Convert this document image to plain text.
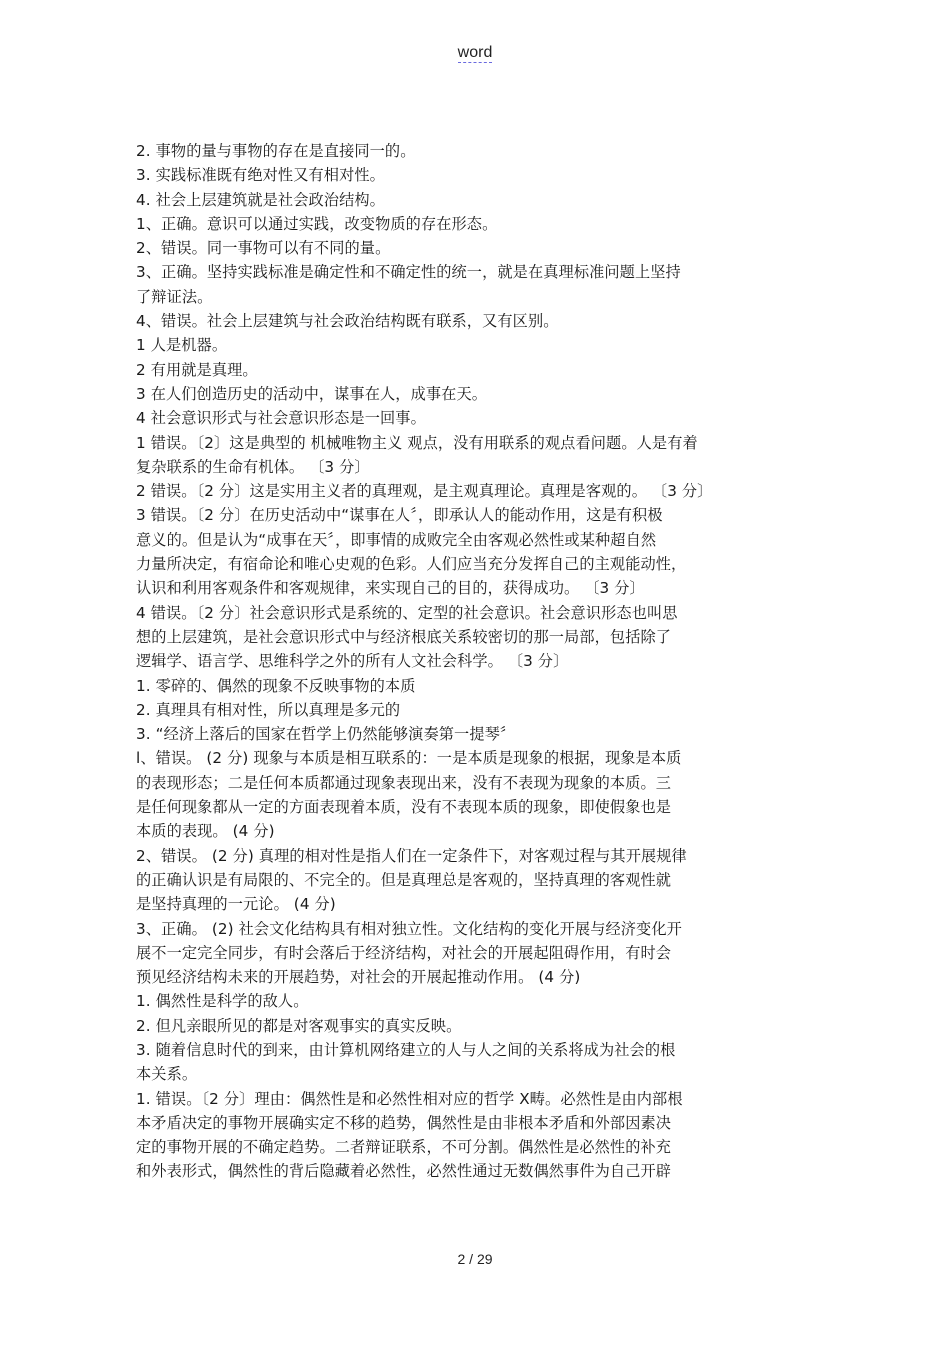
word
2. 事物的量与事物的存在是直接同一的。
3. 实践标准既有绝对性又有相对性。
4. 社会上层建筑就是社会政治结构。
1、正确。意识可以通过实践，改变物质的存在形态。
2、错误。同一事物可以有不同的量。
3、正确。坚持实践标准是确定性和不确定性的统一，就是在真理标准问题上坚持
了辩证法。
4、错误。社会上层建筑与社会政治结构既有联系，又有区别。
1 人是机器。
2 有用就是真理。
3 在人们创造历史的活动中，谋事在人，成事在天。
4 社会意识形式与社会意识形态是一回事。
1 错误。〔2〕这是典型的 机械唯物主义 观点，没有用联系的观点看问题。人是有着
复杂联系的生命有机体。 〔3 分〕
2 错误。〔2 分〕这是实用主义者的真理观，是主观真理论。真理是客观的。 〔3 分〕
3 错误。〔2 分〕在历史活动中“谋事在人〞，即承认人的能动作用，这是有积极
意义的。但是认为“成事在天〞，即事情的成败完全由客观必然性或某种超自然
力量所决定，有宿命论和唯心史观的色彩。人们应当充分发挥自己的主观能动性，
认识和利用客观条件和客观规律，来实现自己的目的，获得成功。 〔3 分〕
4 错误。〔2 分〕社会意识形式是系统的、定型的社会意识。社会意识形态也叫思
想的上层建筑，是社会意识形式中与经济根底关系较密切的那一局部，包括除了
逻辑学、语言学、思维科学之外的所有人文社会科学。 〔3 分〕
1. 零碎的、偶然的现象不反映事物的本质
2. 真理具有相对性，所以真理是多元的
3. “经济上落后的国家在哲学上仍然能够演奏第一提琴〞
l、错误。 (2 分) 现象与本质是相互联系的：一是本质是现象的根据，现象是本质
的表现形态；二是任何本质都通过现象表现出来，没有不表现为现象的本质。三
是任何现象都从一定的方面表现着本质，没有不表现本质的现象，即使假象也是
本质的表现。 (4 分)
2、错误。 (2 分) 真理的相对性是指人们在一定条件下，对客观过程与其开展规律
的正确认识是有局限的、不完全的。但是真理总是客观的，坚持真理的客观性就
是坚持真理的一元论。 (4 分)
3、正确。 (2) 社会文化结构具有相对独立性。文化结构的变化开展与经济变化开
展不一定完全同步，有时会落后于经济结构，对社会的开展起阻碍作用，有时会
预见经济结构未来的开展趋势，对社会的开展起推动作用。 (4 分)
1. 偶然性是科学的敌人。
2. 但凡亲眼所见的都是对客观事实的真实反映。
3. 随着信息时代的到来，由计算机网络建立的人与人之间的关系将成为社会的根
本关系。
1. 错误。〔2 分〕理由：偶然性是和必然性相对应的哲学 X畴。必然性是由内部根
本矛盾决定的事物开展确实定不移的趋势，偶然性是由非根本矛盾和外部因素决
定的事物开展的不确定趋势。二者辩证联系，不可分割。偶然性是必然性的补充
和外表形式，偶然性的背后隐藏着必然性，必然性通过无数偶然事件为自己开辟
2 / 29
